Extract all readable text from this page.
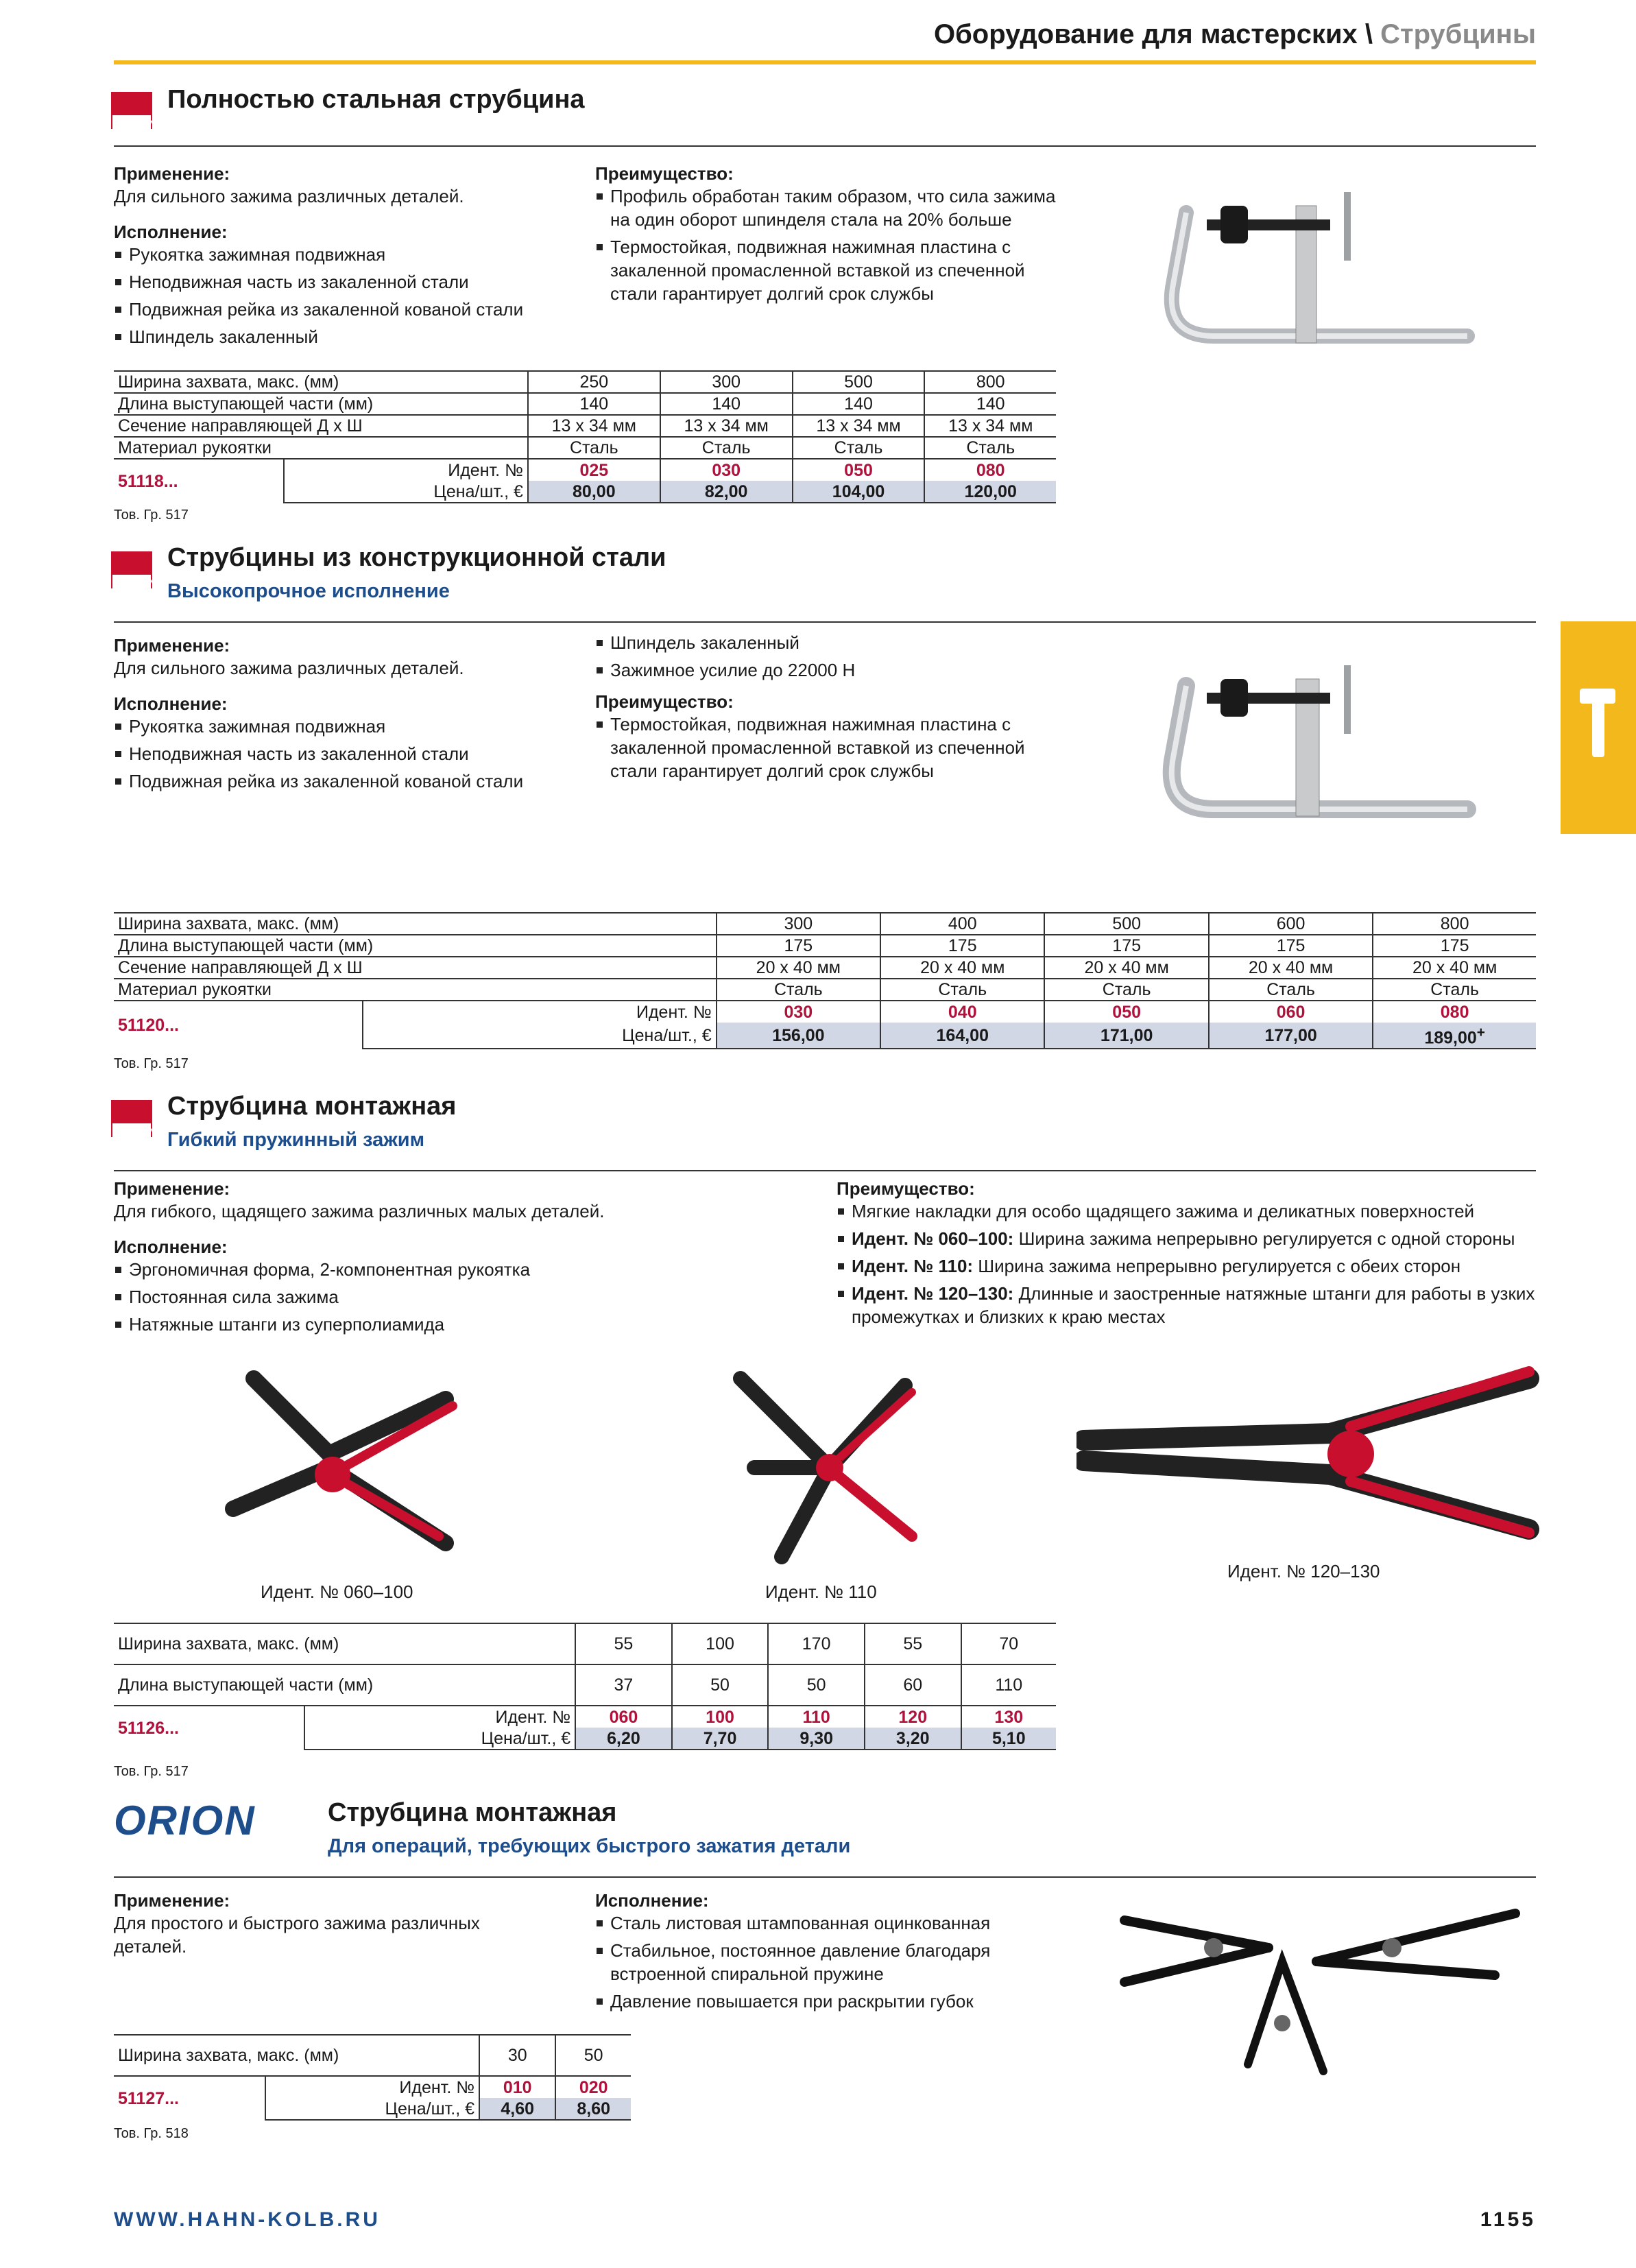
Оборудование для мастерских \ Струбцины
BESSEY
Полностью стальная струбцина
Применение:
Для сильного зажима различных деталей.
Исполнение:
Рукоятка зажимная подвижная
Неподвижная часть из закаленной стали
Подвижная рейка из закаленной кованой стали
Шпиндель закаленный
Преимущество:
Профиль обработан таким образом, что сила зажима на один оборот шпинделя стала на 20% больше
Термостойкая, подвижная нажимная пластина с закаленной промасленной вставкой из спеченной стали гарантирует долгий срок службы
Ширина захвата, макс. (мм)		250	300	500	800
Длина выступающей части (мм)		140	140	140	140
Сечение направляющей Д х Ш		13 x 34 мм	13 x 34 мм	13 x 34 мм	13 x 34 мм
Материал рукоятки		Сталь	Сталь	Сталь	Сталь
51118...	Идент. №	025	030	050	080
	Цена/шт., €	80,00	82,00	104,00	120,00
Тов. Гр. 517
BESSEY
Струбцины из конструкционной стали
Высокопрочное исполнение
Применение:
Для сильного зажима различных деталей.
Исполнение:
Рукоятка зажимная подвижная
Неподвижная часть из закаленной стали
Подвижная рейка из закаленной кованой стали
Шпиндель закаленный
Зажимное усилие до 22000 Н
Преимущество:
Термостойкая, подвижная нажимная пластина с закаленной промасленной вставкой из спеченной стали гарантирует долгий срок службы
Ширина захвата, макс. (мм)		300	400	500	600	800
Длина выступающей части (мм)		175	175	175	175	175
Сечение направляющей Д х Ш		20 x 40 мм	20 x 40 мм	20 x 40 мм	20 x 40 мм	20 x 40 мм
Материал рукоятки		Сталь	Сталь	Сталь	Сталь	Сталь
51120...	Идент. №	030	040	050	060	080
	Цена/шт., €	156,00	164,00	171,00	177,00	189,00+
Тов. Гр. 517
BESSEY
Струбцина монтажная
Гибкий пружинный зажим
Применение:
Для гибкого, щадящего зажима различных малых деталей.
Исполнение:
Эргономичная форма, 2-компонентная рукоятка
Постоянная сила зажима
Натяжные штанги из суперполиамида
Преимущество:
Мягкие накладки для особо щадящего зажима и деликатных поверхностей
Идент. № 060–100: Ширина зажима непрерывно регулируется с одной стороны
Идент. № 110: Ширина зажима непрерывно регулируется с обеих сторон
Идент. № 120–130: Длинные и заостренные натяжные штанги для работы в узких промежутках и близких к краю местах
Идент. № 060–100	Идент. № 110
Идент. № 120–130
Ширина захвата, макс. (мм)		55	100	170	55	70
Длина выступающей части (мм)		37	50	50	60	110
51126...	Идент. №	060	100	110	120	130
	Цена/шт., €	6,20	7,70	9,30	3,20	5,10
Тов. Гр. 517
ORION	Струбцина монтажная
Для операций, требующих быстрого зажатия детали
Применение:
Для простого и быстрого зажима различных деталей.
Исполнение:
Сталь листовая штампованная оцинкованная
Стабильное, постоянное давление благодаря встроенной спиральной пружине
Давление повышается при раскрытии губок
Ширина захвата, макс. (мм)		30	50
51127...	Идент. №	010	020
	Цена/шт., €	4,60	8,60
Тов. Гр. 518
WWW.HAHN-KOLB.RU	1155
